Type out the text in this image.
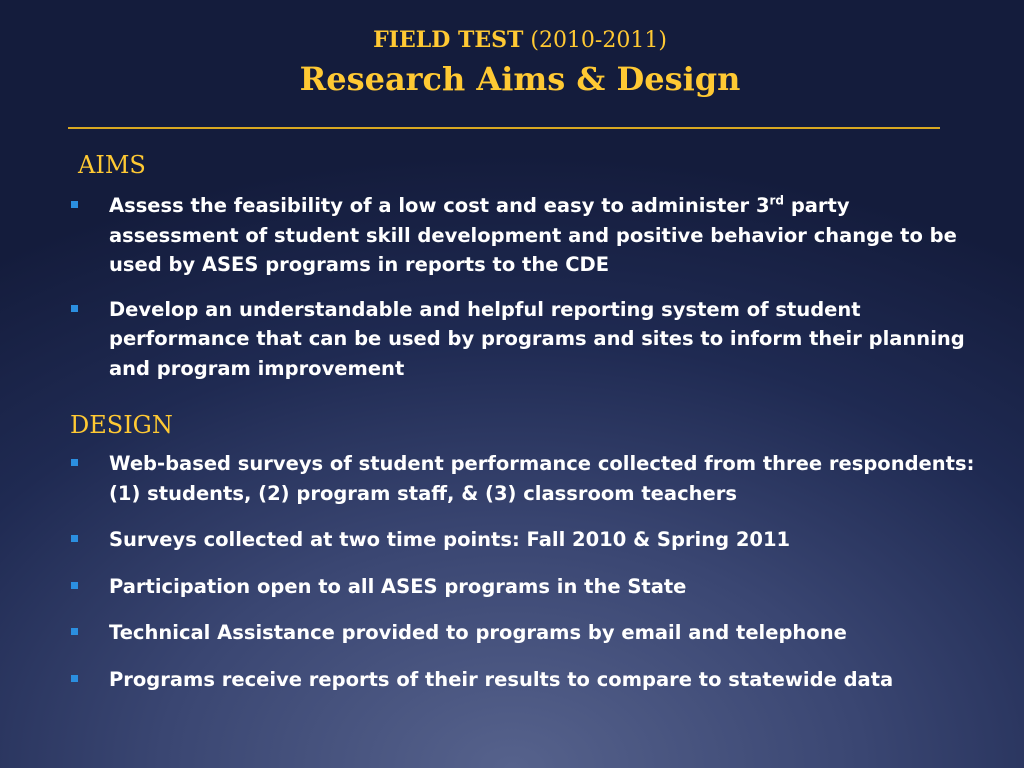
FIELD TEST (2010-2011)
Research Aims & Design
AIMS
Assess the feasibility of a low cost and easy to administer 3rd party assessment of student skill development and positive behavior change to be used by ASES programs in reports to the CDE
Develop an understandable and helpful reporting system of student performance that can be used by programs and sites to inform their planning and program improvement
DESIGN
Web-based surveys of student performance collected from three respondents: (1) students, (2) program staff, & (3) classroom teachers
Surveys collected at two time points: Fall 2010 & Spring 2011
Participation open to all ASES programs in the State
Technical Assistance provided to programs by email and telephone
Programs receive reports of their results to compare to statewide data
